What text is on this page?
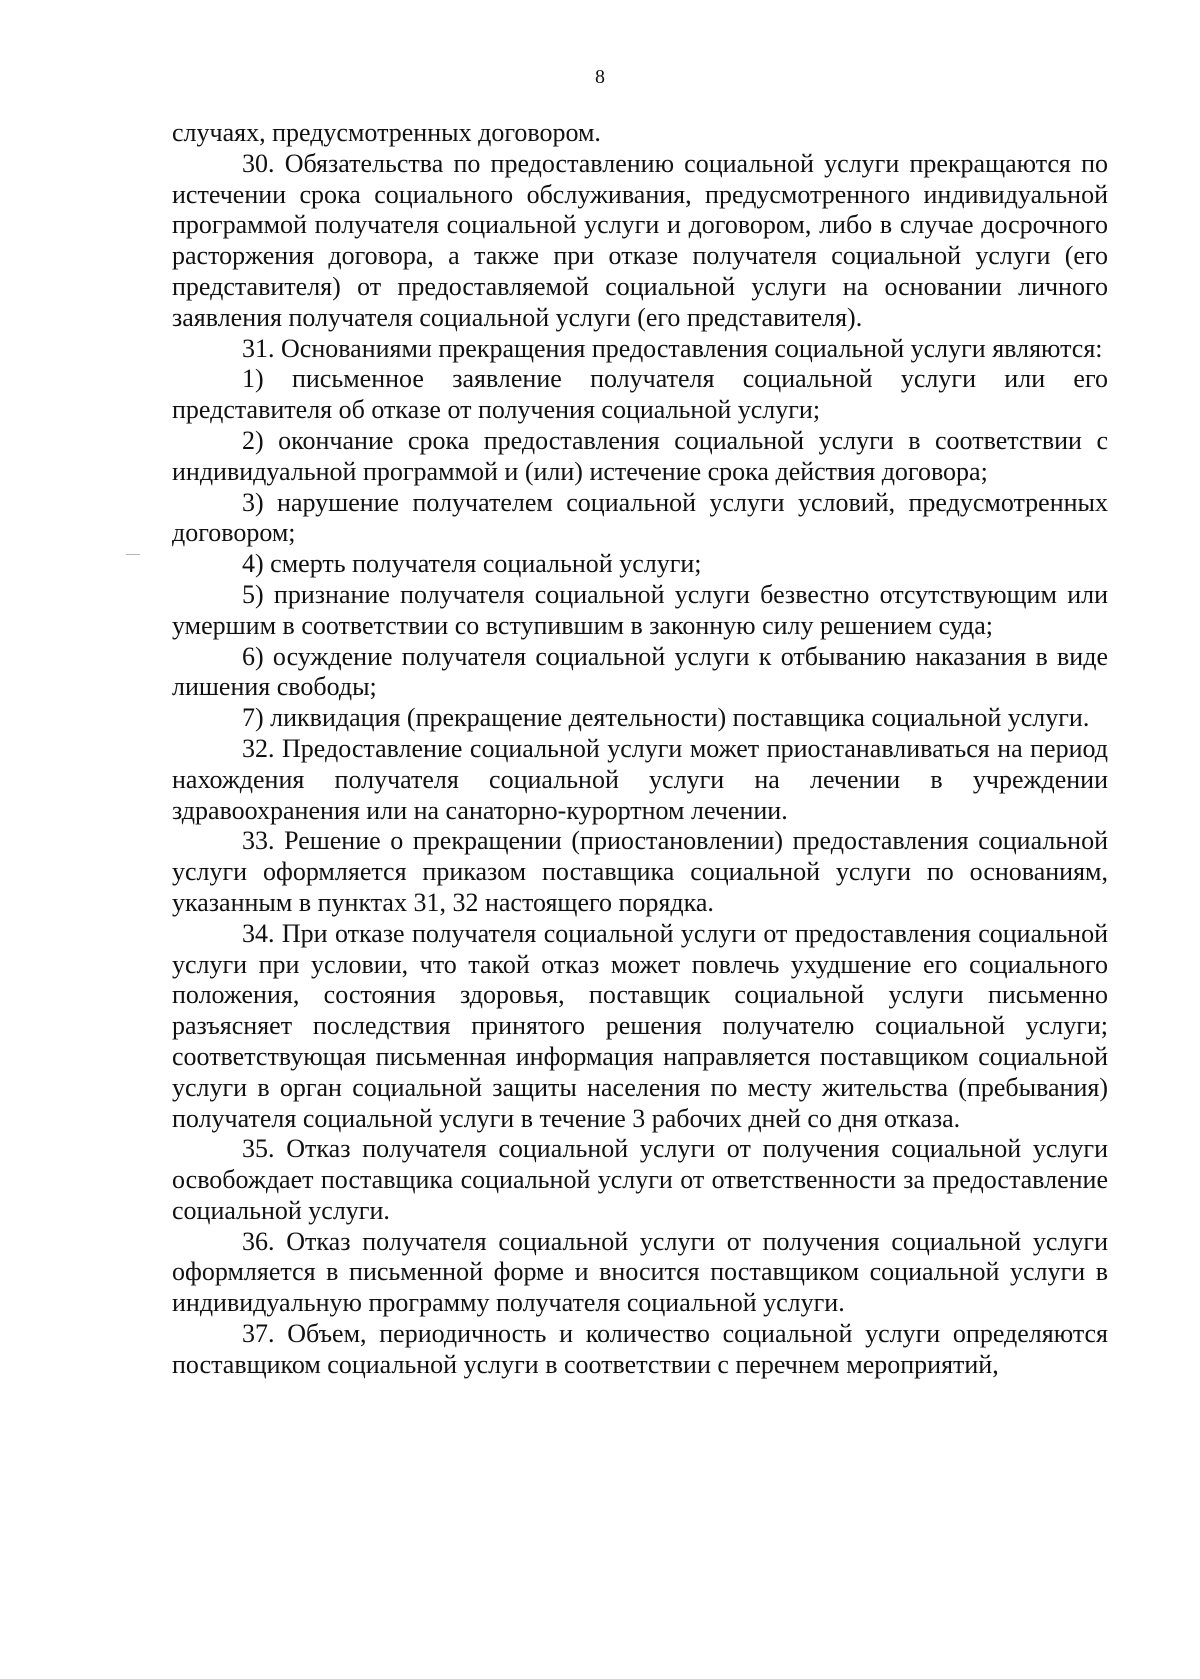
8

случаях, предусмотренных договором.

30. Обязательства по предоставлению социальной услуги прекращаются по истечении срока социального обслуживания, предусмотренного индивидуальной программой получателя социальной услуги и договором, либо в случае досрочного расторжения договора, а также при отказе получателя социальной услуги (его представителя) от предоставляемой социальной услуги на основании личного заявления получателя социальной услуги (его представителя).

31. Основаниями прекращения предоставления социальной услуги являются:

1) письменное заявление получателя социальной услуги или его представителя об отказе от получения социальной услуги;

2) окончание срока предоставления социальной услуги в соответствии с индивидуальной программой и (или) истечение срока действия договора;

3) нарушение получателем социальной услуги условий, предусмотренных договором;

4) смерть получателя социальной услуги;

5) признание получателя социальной услуги безвестно отсутствующим или умершим в соответствии со вступившим в законную силу решением суда;

6) осуждение получателя социальной услуги к отбыванию наказания в виде лишения свободы;

7) ликвидация (прекращение деятельности) поставщика социальной услуги.

32. Предоставление социальной услуги может приостанавливаться на период нахождения получателя социальной услуги на лечении в учреждении здравоохранения или на санаторно-курортном лечении.

33. Решение о прекращении (приостановлении) предоставления социальной услуги оформляется приказом поставщика социальной услуги по основаниям, указанным в пунктах 31, 32 настоящего порядка.

34. При отказе получателя социальной услуги от предоставления социальной услуги при условии, что такой отказ может повлечь ухудшение его социального положения, состояния здоровья, поставщик социальной услуги письменно разъясняет последствия принятого решения получателю социальной услуги; соответствующая письменная информация направляется поставщиком социальной услуги в орган социальной защиты населения по месту жительства (пребывания) получателя социальной услуги в течение 3 рабочих дней со дня отказа.

35. Отказ получателя социальной услуги от получения социальной услуги освобождает поставщика социальной услуги от ответственности за предоставление социальной услуги.

36. Отказ получателя социальной услуги от получения социальной услуги оформляется в письменной форме и вносится поставщиком социальной услуги в индивидуальную программу получателя социальной услуги.

37. Объем, периодичность и количество социальной услуги определяются поставщиком социальной услуги в соответствии с перечнем мероприятий,
